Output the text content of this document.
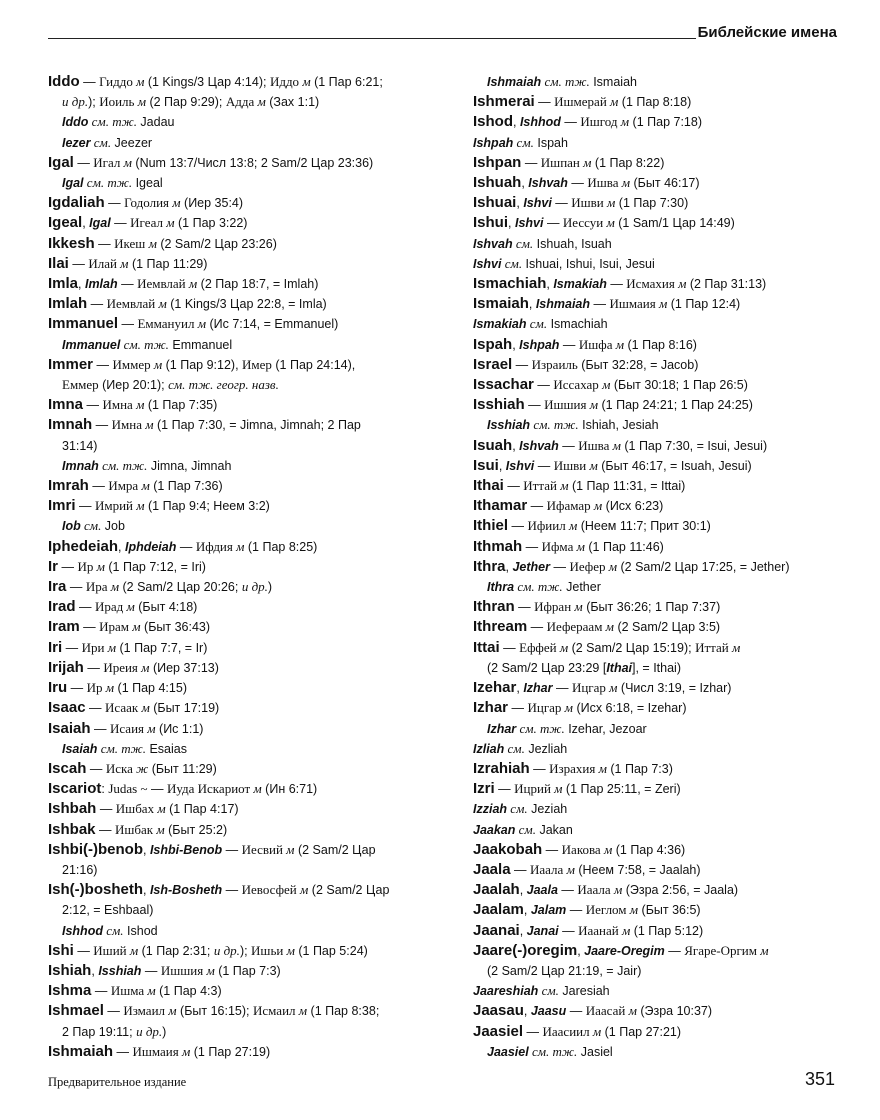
Библейские имена
Iddo — Гиддо м (1 Kings/3 Цар 4:14); Иддо м (1 Пар 6:21;
и др.); Иоиль м (2 Пар 9:29); Адда м (Зах 1:1)
Iddo см. тж. Jadau
Iezer см. Jeezer
Igal — Игал м (Num 13:7/Числ 13:8; 2 Sam/2 Цар 23:36)
Igal см. тж. Igeal
Igdaliah — Годолия м (Иер 35:4)
Igeal, Igal — Игеал м (1 Пар 3:22)
Ikkesh — Икеш м (2 Sam/2 Цар 23:26)
Ilai — Илай м (1 Пар 11:29)
Imla, Imlah — Иемвлай м (2 Пар 18:7, = Imlah)
Imlah — Иемвлай м (1 Kings/3 Цар 22:8, = Imla)
Immanuel — Еммануил м (Ис 7:14, = Emmanuel)
Immanuel см. тж. Emmanuel
Immer — Иммер м (1 Пар 9:12), Имер (1 Пар 24:14),
Еммер (Иер 20:1); см. тж. геогр. назв.
Imna — Имна м (1 Пар 7:35)
Imnah — Имна м (1 Пар 7:30, = Jimna, Jimnah; 2 Пар
31:14)
Imnah см. тж. Jimna, Jimnah
Imrah — Имра м (1 Пар 7:36)
Imri — Имрий м (1 Пар 9:4; Неем 3:2)
Iob см. Job
Iphedeiah, Iphdeiah — Ифдия м (1 Пар 8:25)
Ir — Ир м (1 Пар 7:12, = Iri)
Ira — Ира м (2 Sam/2 Цар 20:26; и др.)
Irad — Ирад м (Быт 4:18)
Iram — Ирам м (Быт 36:43)
Iri — Ири м (1 Пар 7:7, = Ir)
Irijah — Ирeия м (Иер 37:13)
Iru — Ир м (1 Пар 4:15)
Isaac — Исаак м (Быт 17:19)
Isaiah — Исаия м (Ис 1:1)
Isaiah см. тж. Esaias
Iscah — Иска ж (Быт 11:29)
Iscariot: Judas ~ — Иуда Искариот м (Ин 6:71)
Ishbah — Ишбах м (1 Пар 4:17)
Ishbak — Ишбак м (Быт 25:2)
Ishbi(-)benob, Ishbi-Benob — Иесвий м (2 Sam/2 Цар
21:16)
Ish(-)bosheth, Ish-Bosheth — Иевосфей м (2 Sam/2 Цар
2:12, = Eshbaal)
Ishhod см. Ishod
Ishi — Иший м (1 Пар 2:31; и др.); Ишьи м (1 Пар 5:24)
Ishiah, Isshiah — Ишшия м (1 Пар 7:3)
Ishma — Ишма м (1 Пар 4:3)
Ishmael — Измаил м (Быт 16:15); Исмаил м (1 Пар 8:38;
2 Пар 19:11; и др.)
Ishmaiah — Ишмаия м (1 Пар 27:19)
Ishmaiah см. тж. Ismaiah
Ishmerai — Ишмерай м (1 Пар 8:18)
Ishod, Ishhod — Ишгод м (1 Пар 7:18)
Ishpah см. Ispah
Ishpan — Ишпан м (1 Пар 8:22)
Ishuah, Ishvah — Ишва м (Быт 46:17)
Ishuai, Ishvi — Ишви м (1 Пар 7:30)
Ishui, Ishvi — Иессуи м (1 Sam/1 Цар 14:49)
Ishvah см. Ishuah, Isuah
Ishvi см. Ishuai, Ishui, Isui, Jesui
Ismachiah, Ismakiah — Исмахия м (2 Пар 31:13)
Ismaiah, Ishmaiah — Ишмаия м (1 Пар 12:4)
Ismakiah см. Ismachiah
Ispah, Ishpah — Ишфа м (1 Пар 8:16)
Israel — Израиль (Быт 32:28, = Jacob)
Issachar — Иссахар м (Быт 30:18; 1 Пар 26:5)
Isshiah — Ишшия м (1 Пар 24:21; 1 Пар 24:25)
Isshiah см. тж. Ishiah, Jesiah
Isuah, Ishvah — Ишва м (1 Пар 7:30, = Isui, Jesui)
Isui, Ishvi — Ишви м (Быт 46:17, = Isuah, Jesui)
Ithai — Иттай м (1 Пар 11:31, = Ittai)
Ithamar — Ифамар м (Исх 6:23)
Ithiel — Ифиил м (Неем 11:7; Прит 30:1)
Ithmah — Ифма м (1 Пар 11:46)
Ithra, Jether — Иефер м (2 Sam/2 Цар 17:25, = Jether)
Ithra см. тж. Jether
Ithran — Ифран м (Быт 36:26; 1 Пар 7:37)
Ithream — Иефераам м (2 Sam/2 Цар 3:5)
Ittai — Еффей м (2 Sam/2 Цар 15:19); Иттай м
(2 Sam/2 Цар 23:29 [Ithai], = Ithai)
Izehar, Izhar — Ицгар м (Числ 3:19, = Izhar)
Izhar — Ицгар м (Исх 6:18, = Izehar)
Izhar см. тж. Izehar, Jezoar
Izliah см. Jezliah
Izrahiah — Израхия м (1 Пар 7:3)
Izri — Ицрий м (1 Пар 25:11, = Zeri)
Izziah см. Jeziah
Jaakan см. Jakan
Jaakobah — Иакова м (1 Пар 4:36)
Jaala — Иаала м (Неем 7:58, = Jaalah)
Jaalah, Jaala — Иаала м (Эзра 2:56, = Jaala)
Jaalam, Jalam — Иеглом м (Быт 36:5)
Jaanai, Janai — Иаанай м (1 Пар 5:12)
Jaare(-)oregim, Jaare-Oregim — Ягаре-Оргим м
(2 Sam/2 Цар 21:19, = Jair)
Jaareshiah см. Jaresiah
Jaasau, Jaasu — Иаасай м (Эзра 10:37)
Jaasiel — Иаасиил м (1 Пар 27:21)
Jaasiel см. тж. Jasiel
Предварительное издание	351
